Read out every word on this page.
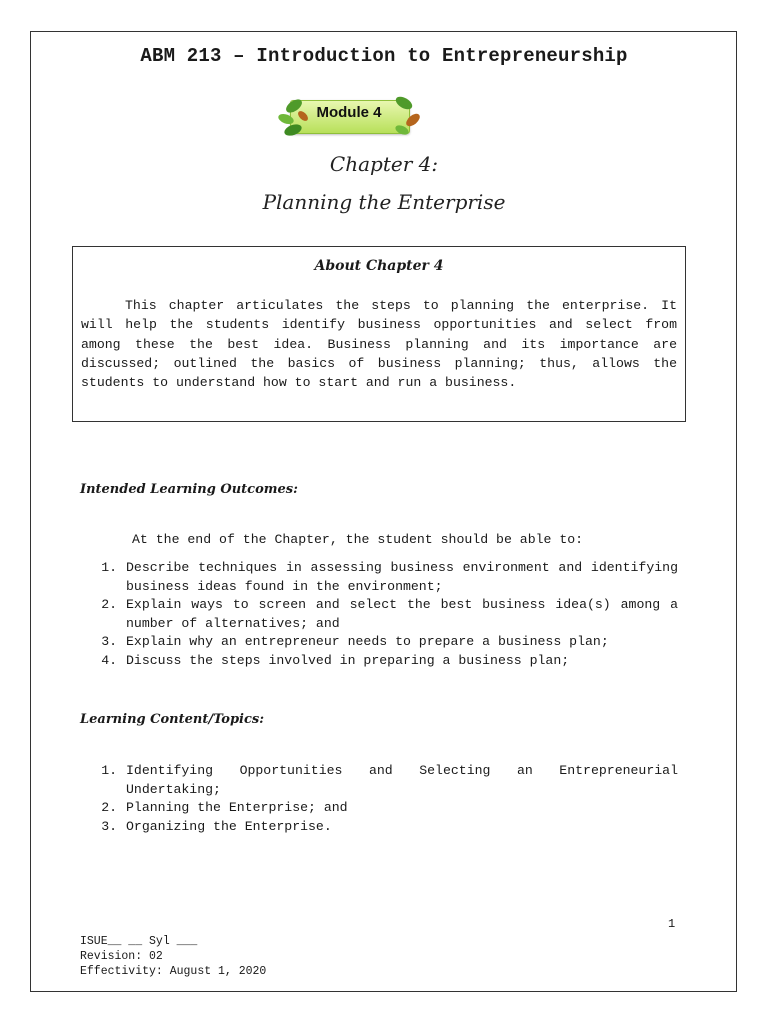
ABM 213 – Introduction to Entrepreneurship
Module 4
Chapter 4:
Planning the Enterprise
About Chapter 4
This chapter articulates the steps to planning the enterprise. It will help the students identify business opportunities and select from among these the best idea. Business planning and its importance are discussed; outlined the basics of business planning; thus, allows the students to understand how to start and run a business.
Intended Learning Outcomes:
At the end of the Chapter, the student should be able to:
1. Describe techniques in assessing business environment and identifying business ideas found in the environment;
2. Explain ways to screen and select the best business idea(s) among a number of alternatives; and
3. Explain why an entrepreneur needs to prepare a business plan;
4. Discuss the steps involved in preparing a business plan;
Learning Content/Topics:
1. Identifying Opportunities and Selecting an Entrepreneurial Undertaking;
2. Planning the Enterprise; and
3. Organizing the Enterprise.
1
ISUE__ __ Syl ___
Revision: 02
Effectivity: August 1, 2020
